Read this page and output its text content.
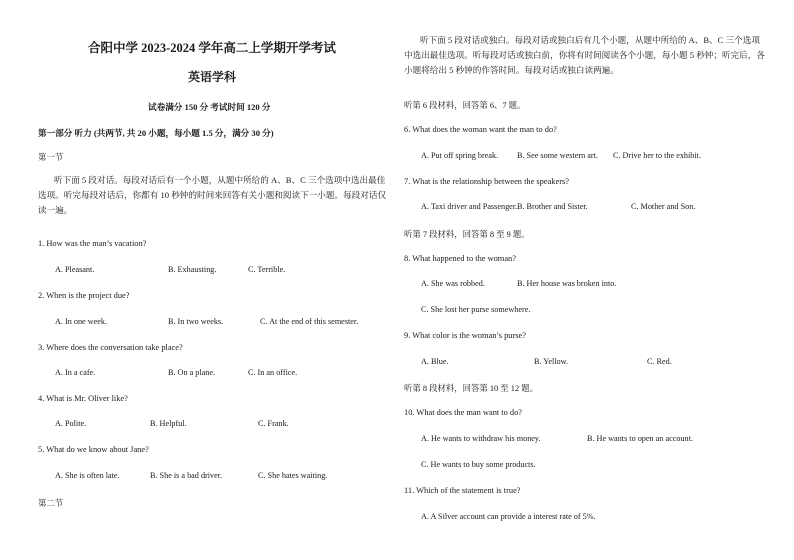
合阳中学 2023-2024 学年高二上学期开学考试
英语学科
试卷满分 150 分 考试时间 120 分
第一部分 听力 (共两节, 共 20 小题，每小题 1.5 分，满分 30 分)
第一节
听下面 5 段对话。每段对话后有一个小题，从题中所给的 A、B、C 三个选项中选出最佳选项。听完每段对话后，你都有 10 秒钟的时间来回答有关小题和阅读下一小题。每段对话仅读一遍。
1. How was the man’s vacation?
A. Pleasant.	B. Exhausting.	C. Terrible.
2. When is the project due?
A. In one week.	B. In two weeks.	C. At the end of this semester.
3. Where does the conversation take place?
A. In a cafe.	B. On a plane.	C. In an office.
4. What is Mr. Oliver like?
A. Polite.	B. Helpful.	C. Frank.
5. What do we know about Jane?
A. She is often late.	B. She is a bad driver.	C. She hates waiting.
第二节
听下面 5 段对话或独白。每段对话或独白后有几个小题，从题中所给的 A、B、C 三个选项中选出最佳选项。听每段对话或独白前，你将有时间阅读各个小题，每小题 5 秒钟；听完后，各小题将给出 5 秒钟的作答时间。每段对话或独白读两遍。
听第 6 段材料，回答第 6、7 题。
6. What does the woman want the man to do?
A. Put off spring break. B. See some western art. C. Drive her to the exhibit.
7. What is the relationship between the speakers?
A. Taxi driver and Passenger. B. Brother and Sister.	C. Mother and Son.
听第 7 段材料，回答第 8 至 9 题。
8. What happened to the woman?
A. She was robbed.	B. Her house was broken into.
C. She lost her purse somewhere.
9. What color is the woman’s purse?
A. Blue.	B. Yellow.	C. Red.
听第 8 段材料，回答第 10 至 12 题。
10. What does the man want to do?
A. He wants to withdraw his money.	B. He wants to open an account.
C. He wants to buy some products.
11. Which of the statement is true?
A. A Silver account can provide a interest rate of 5%.
